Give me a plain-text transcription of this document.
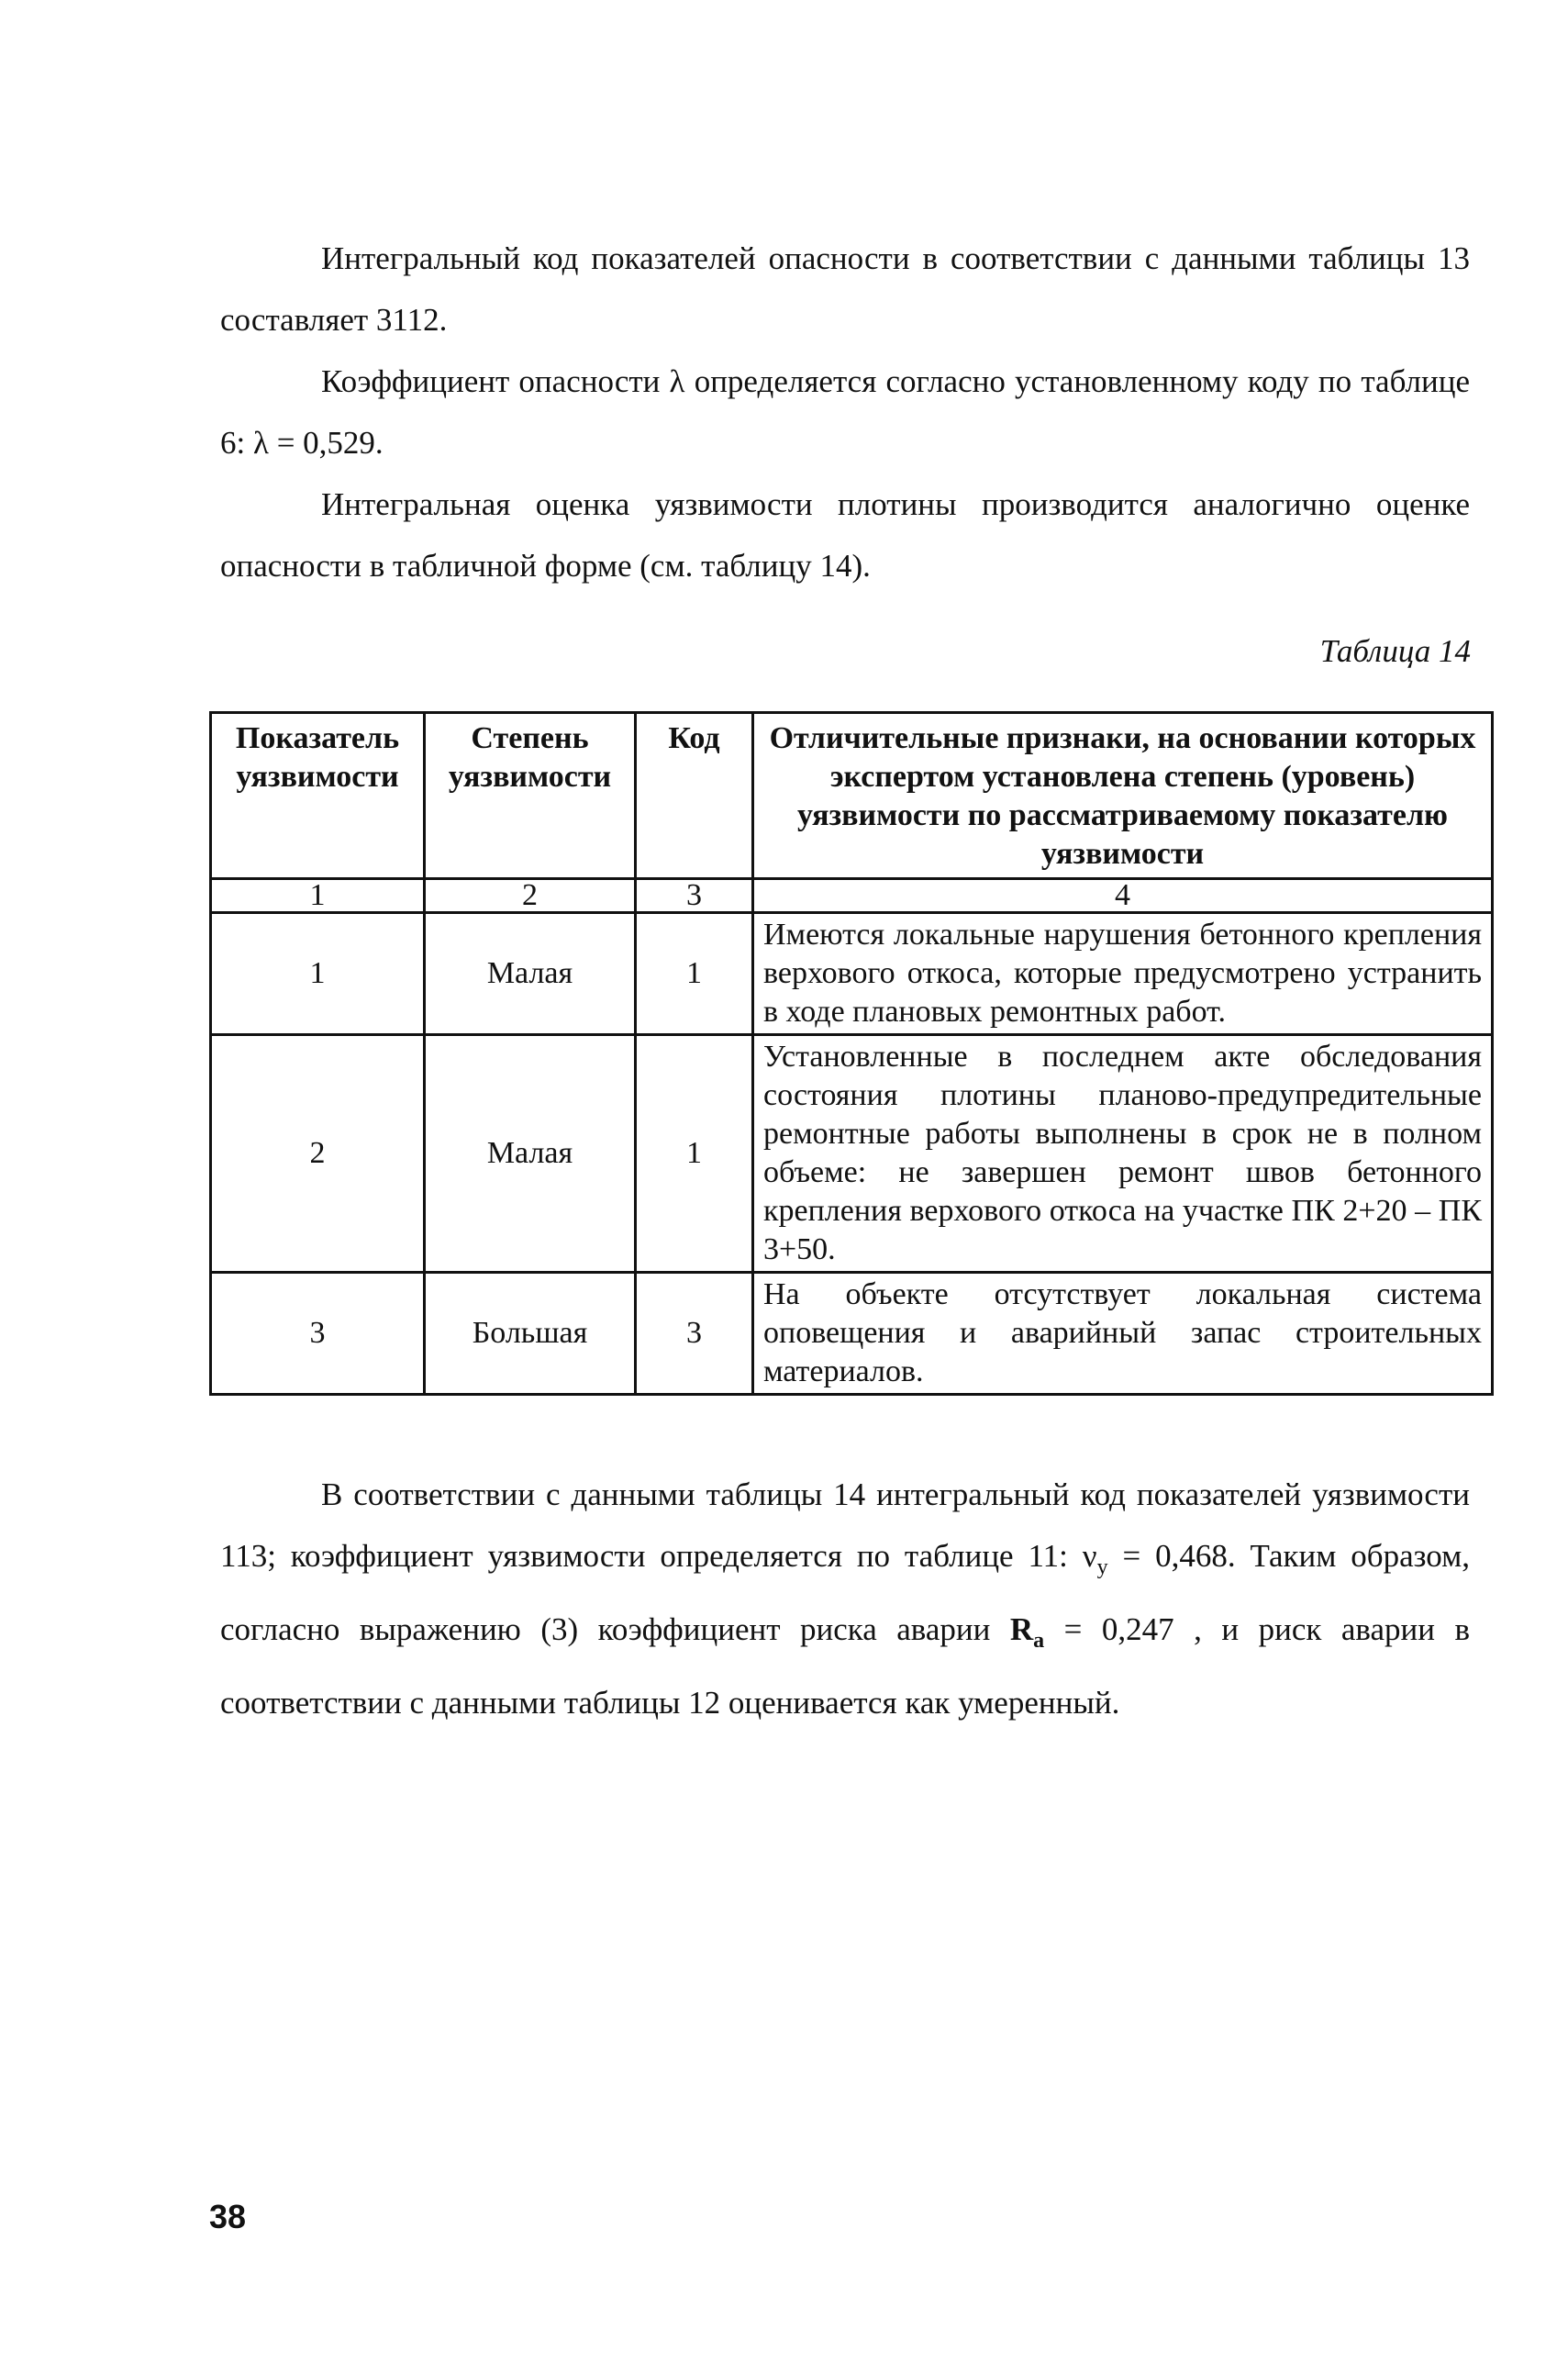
Интегральный код показателей опасности в соответствии с данными таблицы 13 составляет 3112.

Коэффициент опасности λ определяется согласно установленному коду по таблице 6: λ = 0,529.

Интегральная оценка уязвимости плотины производится аналогично оценке опасности в табличной форме (см. таблицу 14).

Таблица 14

Показатель уязвимости	Степень уязвимости	Код	Отличительные признаки, на основании которых экспертом установлена степень (уровень) уязвимости по рассматриваемому показателю уязвимости
1	2	3	4
1	Малая	1	Имеются локальные нарушения бетонного крепления верхового откоса, которые предусмотрено устранить в ходе плановых ремонтных работ.
2	Малая	1	Установленные в последнем акте обследования состояния плотины планово-предупредительные ремонтные работы выполнены в срок не в полном объеме: не завершен ремонт швов бетонного крепления верхового откоса на участке ПК 2+20 – ПК 3+50.
3	Большая	3	На объекте отсутствует локальная система оповещения и аварийный запас строительных материалов.

В соответствии с данными таблицы 14 интегральный код показателей уязвимости 113; коэффициент уязвимости определяется по таблице 11: $\nu_y = 0,468$. Таким образом, согласно выражению (3) коэффициент риска аварии $R_a = 0,247$ , и риск аварии в соответствии с данными таблицы 12 оценивается как умеренный.

38
